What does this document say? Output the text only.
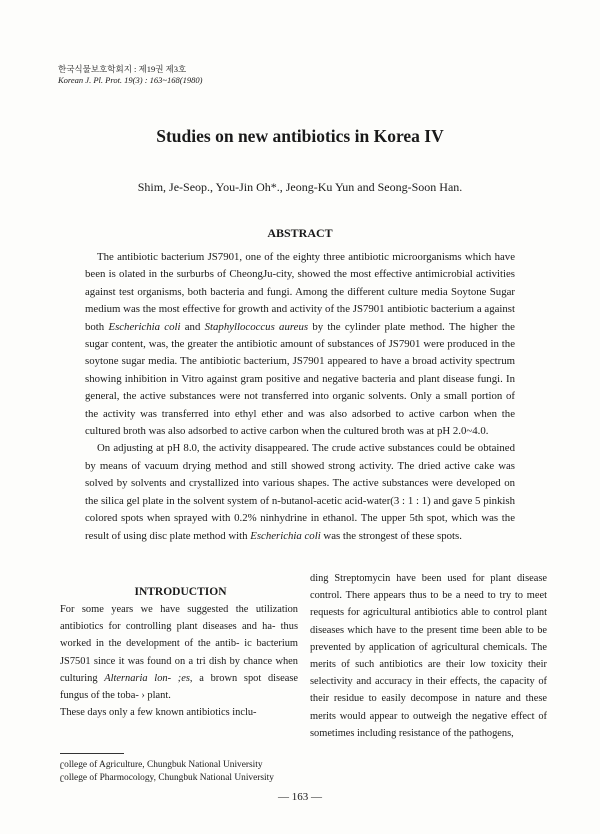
한국식물보호학회지 : 제19권 제3호
Korean J. Pl. Prot. 19(3) : 163~168(1980)
Studies on new antibiotics in Korea IV
Shim, Je-Seop., You-Jin Oh*., Jeong-Ku Yun and Seong-Soon Han.
ABSTRACT

The antibiotic bacterium JS7901, one of the eighty three antibiotic microorganisms which have been is olated in the surburbs of CheongJu-city, showed the most effective antimicrobial activities against test organisms, both bacteria and fungi. Among the different culture media Soytone Sugar medium was the most effective for growth and activity of the JS7901 antibiotic bacterium a against both Escherichia coli and Staphyllococcus aureus by the cylinder plate method. The higher the sugar content, was, the greater the antibiotic amount of substances of JS7901 were produced in the soytone sugar media. The antibiotic bacterium, JS7901 appeared to have a broad activity spectrum showing inhibition in Vitro against gram positive and negative bacteria and plant disease fungi. In general, the active substances were not transferred into organic solvents. Only a small portion of the activity was transferred into ethyl ether and was also adsorbed to active carbon when the cultured broth was also adsorbed to active carbon when the cultured broth was at pH 2.0~4.0.

On adjusting at pH 8.0, the activity disappeared. The crude active substances could be obtained by means of vacuum drying method and still showed strong activity. The dried active cake was solved by solvents and crystallized into various shapes. The active substances were developed on the silica gel plate in the solvent system of n-butanol-acetic acid-water(3 : 1 : 1) and gave 5 pinkish colored spots when sprayed with 0.2% ninhydrine in ethanol. The upper 5th spot, which was the result of using disc plate method with Escherichia coli was the strongest of these spots.

INTRODUCTION

For some years we have suggested the utilization antibiotics for controlling plant diseases and ha- thus worked in the development of the antib- ic bacterium JS7501 since it was found on a tri dish by chance when culturing Alternaria lon- ;es, a brown spot disease fungus of the toba- › plant.

These days only a few known antibiotics inclu-

ding Streptomycin have been used for plant disease control. There appears thus to be a need to try to meet requests for agricultural antibiotics able to control plant diseases which have to the present time been able to be prevented by application of agricultural chemicals. The merits of such antibiotics are their low toxicity their selectivity and accuracy in their effects, the capacity of their residue to easily decompose in nature and these merits would appear to outweigh the negative effect of sometimes including resistance of the pathogens,

ʗollege of Agriculture, Chungbuk National University
ʗollege of Pharmocology, Chungbuk National University
— 163 —
